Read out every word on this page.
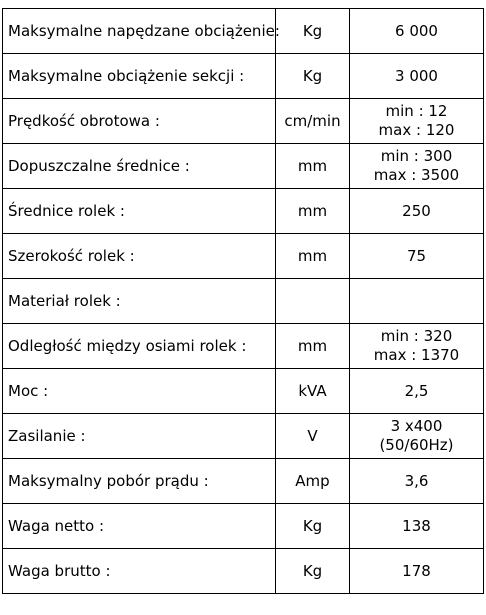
Maksymalne napędzane obciążenie:	Kg	6 000

Maksymalne obciążenie sekcji :	Kg	3 000

Prędkość obrotowa :	cm/min	min : 12
max : 120

Dopuszczalne średnice :	mm	min : 300
max : 3500

Średnice rolek :	mm	250

Szerokość rolek :	mm	75

Materiał rolek :		
Odległość między osiami rolek :	mm	min : 320
max : 1370

Moc :	kVA	2,5

Zasilanie :	V	3 x400
(50/60Hz)

Maksymalny pobór prądu :	Amp	3,6

Waga netto :	Kg	138

Waga brutto :	Kg	178
